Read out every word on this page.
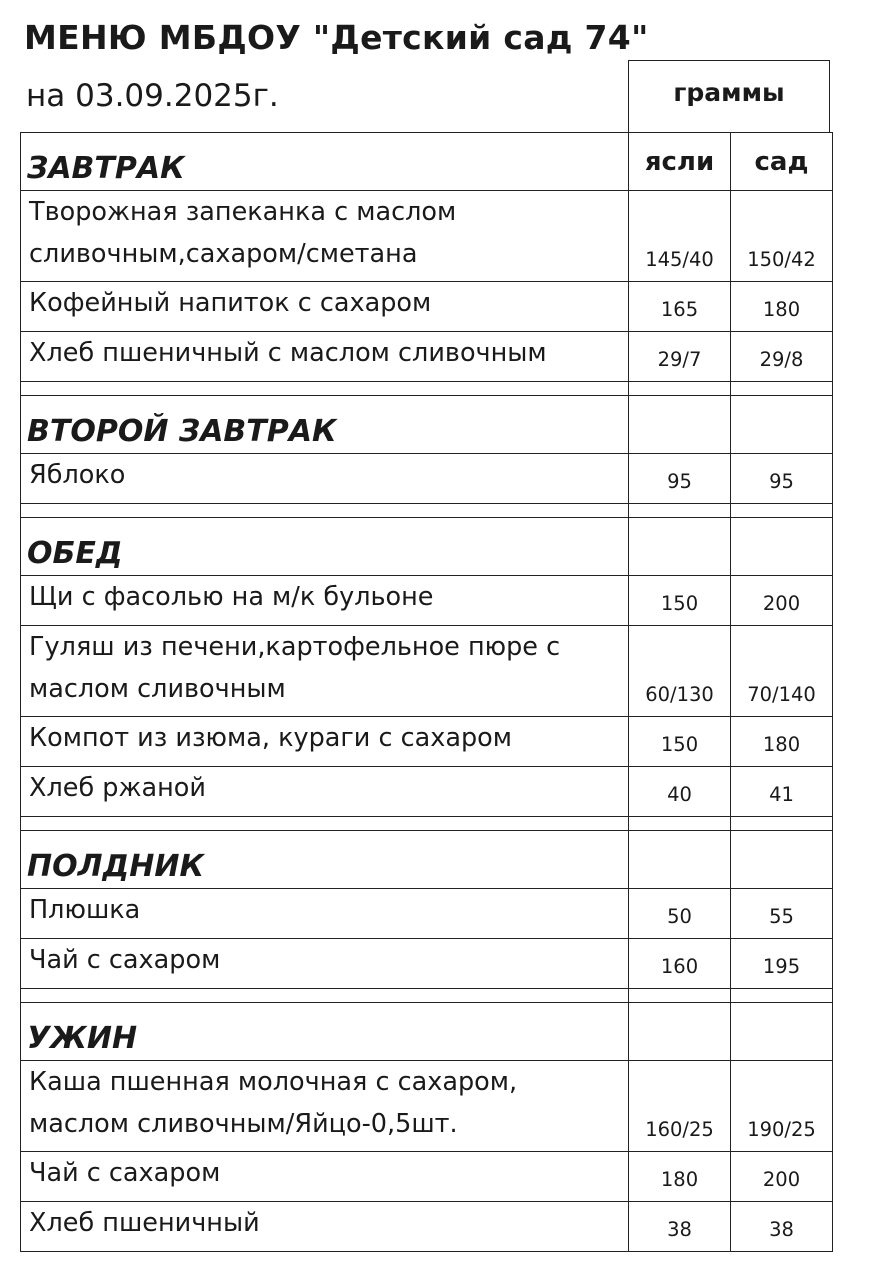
МЕНЮ МБДОУ "Детский сад 74"
на 03.09.2025г.	граммы
ЗАВТРАК	ясли	сад
Творожная запеканка с маслом сливочным,сахаром/сметана	145/40	150/42
Кофейный напиток с сахаром	165	180
Хлеб пшеничный с маслом сливочным	29/7	29/8

ВТОРОЙ ЗАВТРАК		
Яблоко	95	95

ОБЕД		
Щи с фасолью на м/к бульоне	150	200
Гуляш из печени,картофельное пюре с маслом сливочным	60/130	70/140
Компот из изюма, кураги с сахаром	150	180
Хлеб ржаной	40	41

ПОЛДНИК		
Плюшка	50	55
Чай с сахаром	160	195

УЖИН		
Каша пшенная молочная с сахаром, маслом сливочным/Яйцо-0,5шт.	160/25	190/25
Чай с сахаром	180	200
Хлеб пшеничный	38	38
